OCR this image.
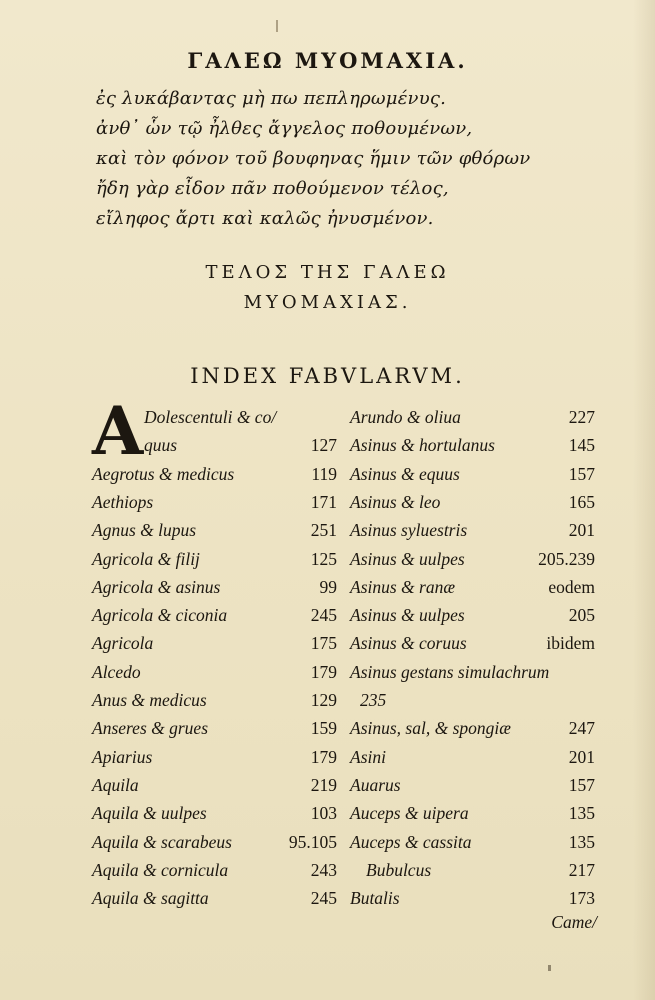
ΓΑΛΕΩ ΜΥΟΜΑΧΙΑ.
ἐς λυκάβαντας μὴ πω πεπληρωμένυς.
ἀνθ᾽ ὧν τῷ ἦλθες ἄγγελος ποθουμένων,
καὶ τὸν φόνον τοῦ βουφηνας ἥμιν τῶν φθόρων
ἤδη γὰρ εἶδον πᾶν ποθούμενον τέλος,
εἴληφος ἄρτι καὶ καλῶς ἠνυσμένον.
ΤΕΛΟΣ ΤΗΣ ΓΑΛΕΩ
ΜΥΟΜΑΧΙΑΣ.
INDEX FABVLARVM.
A Dolescentuli & co/
quus	127
Aegrotus & medicus	119
Aethiops	171
Agnus & lupus	251
Agricola & filij	125
Agricola & asinus	99
Agricola & ciconia	245
Agricola	175
Alcedo	179
Anus & medicus	129
Anseres & grues	159
Apiarius	179
Aquila	219
Aquila & uulpes	103
Aquila & scarabeus	95.105
Aquila & cornicula	243
Aquila & sagitta	245
Arundo & oliua	227
Asinus & hortulanus	145
Asinus & equus	157
Asinus & leo	165
Asinus syluestris	201
Asinus & uulpes	205.239
Asinus & ranæ	eodem
Asinus & uulpes	205
Asinus & coruus	ibidem
Asinus gestans simulachrum
235
Asinus, sal, & spongiæ	247
Asini	201
Auarus	157
Auceps & uipera	135
Auceps & cassita	135
Bubulcus	217
Butalis	173
Came/
